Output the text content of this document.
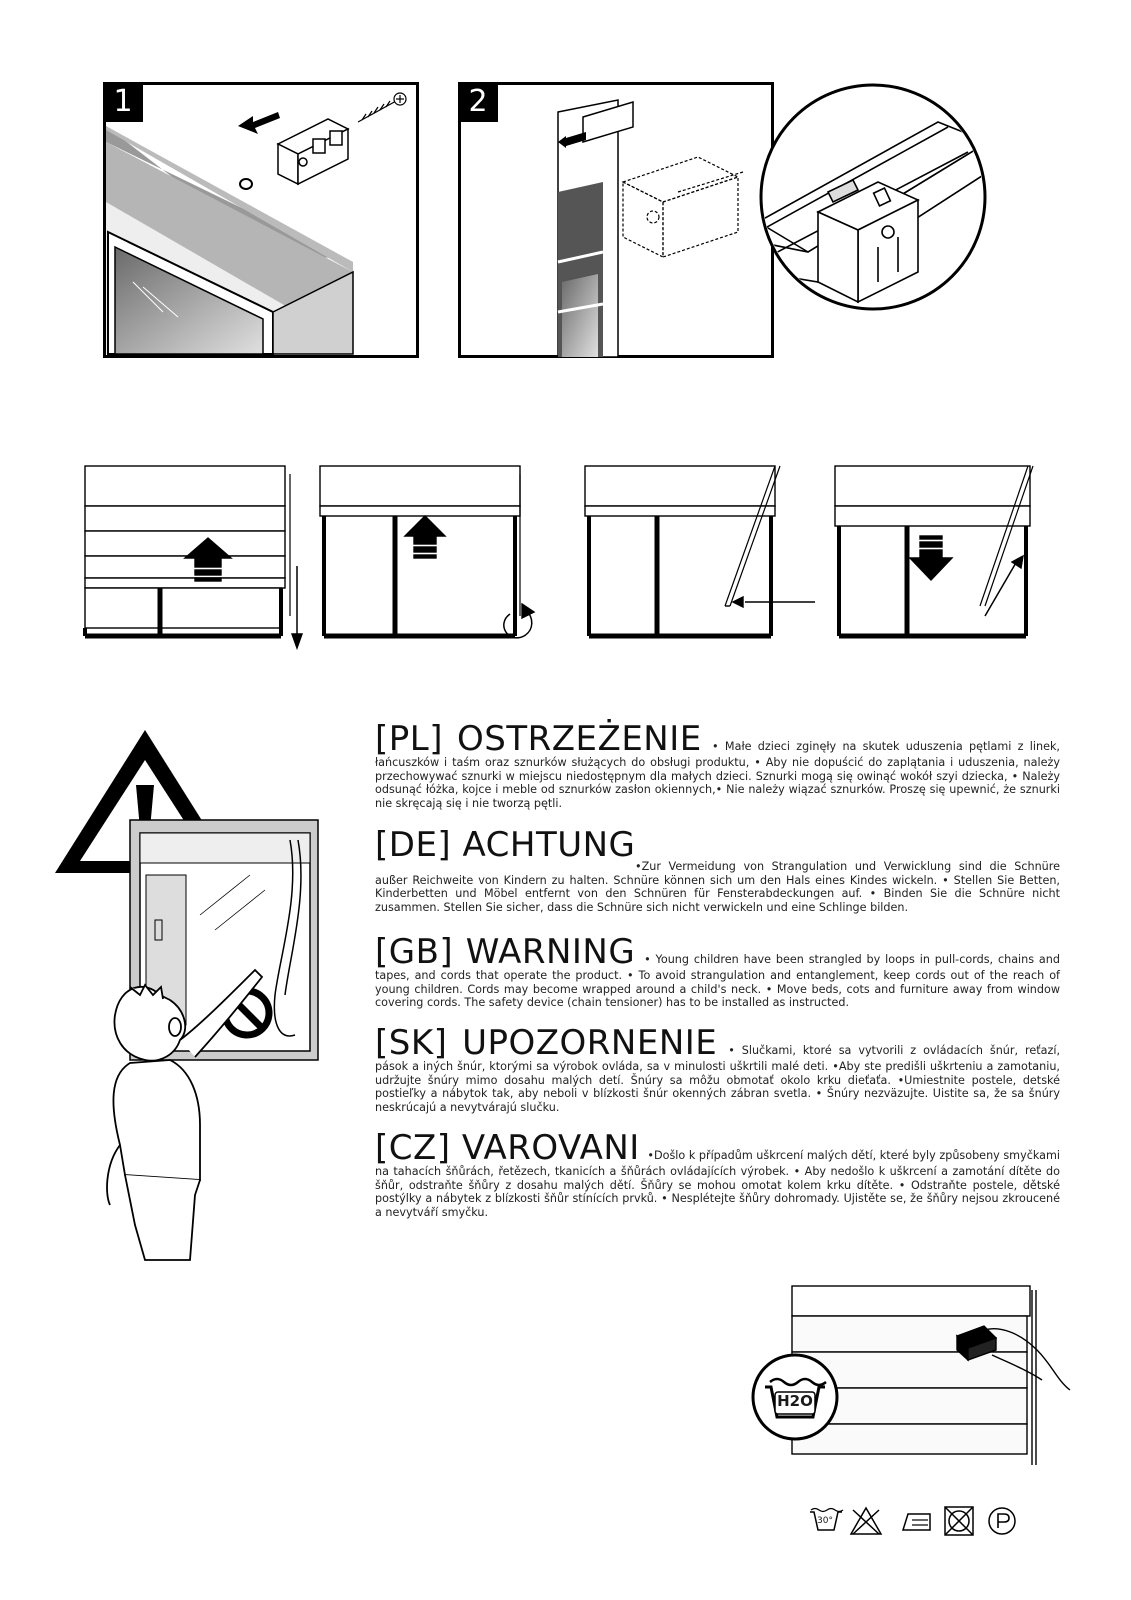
1	2
[PL] OSTRZEŻENIE • Małe dzieci zginęły na skutek uduszenia pętlami z linek, łańcuszków i taśm oraz sznurków służących do obsługi produktu, • Aby nie dopuścić do zaplątania i uduszenia, należy przechowywać sznurki w miejscu niedostępnym dla małych dzieci. Sznurki mogą się owinąć wokół szyi dziecka, • Należy odsunąć łóżka, kojce i meble od sznurków zasłon okiennych,• Nie należy wiązać sznurków. Proszę się upewnić, że sznurki nie skręcają się i nie tworzą pętli.
[DE] ACHTUNG
•Zur Vermeidung von Strangulation und Verwicklung sind die Schnüre außer Reichweite von Kindern zu halten. Schnüre können sich um den Hals eines Kindes wickeln. • Stellen Sie Betten, Kinderbetten und Möbel entfernt von den Schnüren für Fensterabdeckungen auf. • Binden Sie die Schnüre nicht zusammen. Stellen Sie sicher, dass die Schnüre sich nicht verwickeln und eine Schlinge bilden.
[GB] WARNING • Young children have been strangled by loops in pull-cords, chains and tapes, and cords that operate the product. • To avoid strangulation and entanglement, keep cords out of the reach of young children. Cords may become wrapped around a child's neck. • Move beds, cots and furniture away from window covering cords. The safety device (chain tensioner) has to be installed as instructed.
[SK] UPOZORNENIE • Slučkami, ktoré sa vytvorili z ovládacích šnúr, reťazí, pások a iných šnúr, ktorými sa výrobok ovláda, sa v minulosti uškrtili malé deti. •Aby ste predišli uškrteniu a zamotaniu, udržujte šnúry mimo dosahu malých detí. Šnúry sa môžu obmotať okolo krku dieťaťa. •Umiestnite postele, detské postieľky a nábytok tak, aby neboli v blízkosti šnúr okenných zábran svetla. • Šnúry nezväzujte. Uistite sa, že sa šnúry neskrúcajú a nevytvárajú slučku.
[CZ] VAROVANI •Došlo k případům uškrcení malých dětí, které byly způsobeny smyčkami na tahacích šňůrách, řetězech, tkanicích a šňůrách ovládajících výrobek. • Aby nedošlo k uškrcení a zamotání dítěte do šňůr, odstraňte šňůry z dosahu malých dětí. Šňůry se mohou omotat kolem krku dítěte. • Odstraňte postele, dětské postýlky a nábytek z blízkosti šňůr stínících prvků. • Nesplétejte šňůry dohromady. Ujistěte se, že šňůry nejsou zkroucené a nevytváří smyčku.
H2O
30°
